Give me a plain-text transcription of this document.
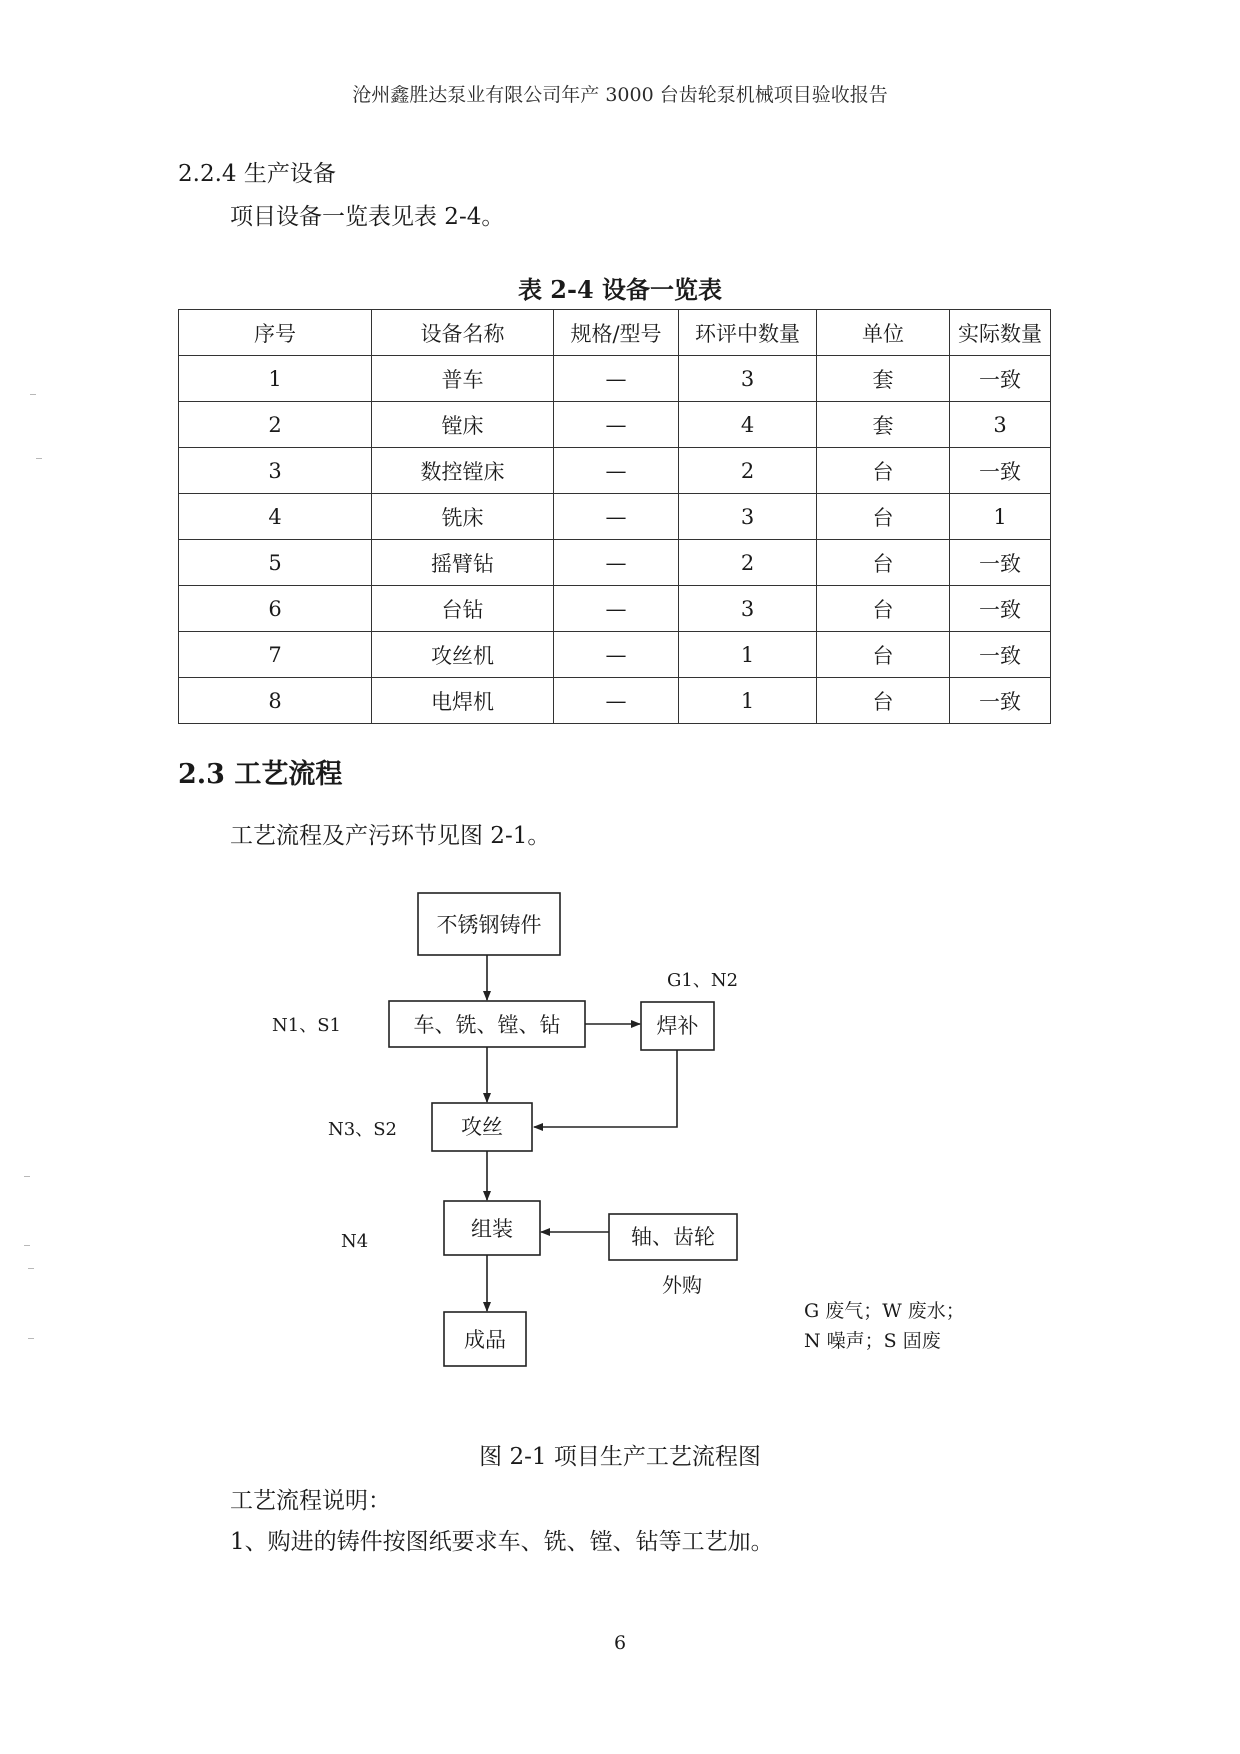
沧州鑫胜达泵业有限公司年产 3000 台齿轮泵机械项目验收报告
2.2.4 生产设备
项目设备一览表见表 2-4。
表 2-4 设备一览表
序号	设备名称	规格/型号	环评中数量	单位	实际数量
1	普车	—	3	套	一致
2	镗床	—	4	套	3
3	数控镗床	—	2	台	一致
4	铣床	—	3	台	1
5	摇臂钻	—	2	台	一致
6	台钻	—	3	台	一致
7	攻丝机	—	1	台	一致
8	电焊机	—	1	台	一致
2.3 工艺流程
工艺流程及产污环节见图 2-1。
不锈钢铸件
车、铣、镗、钻	焊补
攻丝
组装	轴、齿轮
成品
G1、N2
N1、S1
N3、S2
N4
外购
G 废气；W 废水；
N 噪声；S 固废
图 2-1 项目生产工艺流程图
工艺流程说明：
1、购进的铸件按图纸要求车、铣、镗、钻等工艺加。
6
